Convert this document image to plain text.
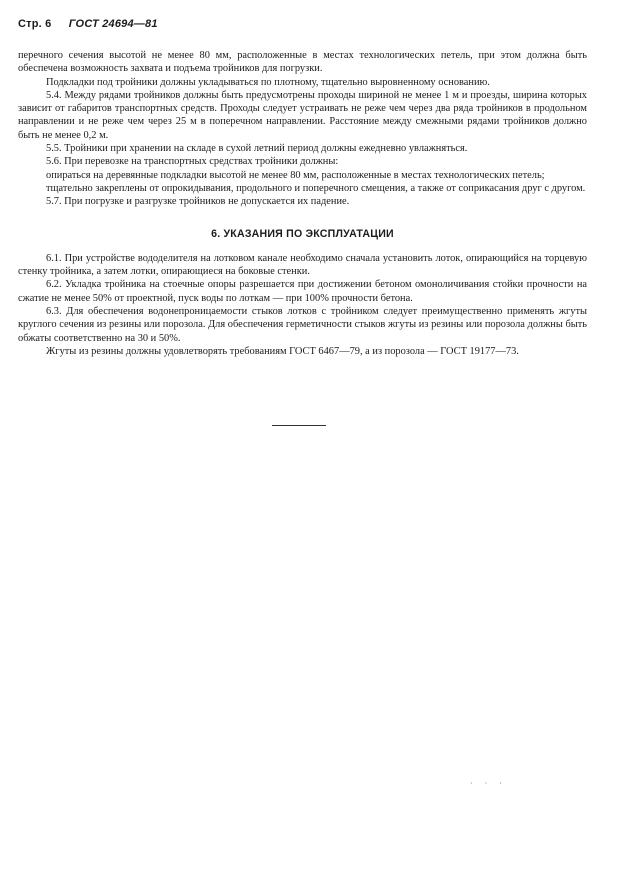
Стр. 6 ГОСТ 24694—81

перечного сечения высотой не менее 80 мм, расположенные в местах технологических петель, при этом должна быть обеспечена возможность захвата и подъема тройников для погрузки.

Подкладки под тройники должны укладываться по плотному, тщательно выровненному основанию.

5.4. Между рядами тройников должны быть предусмотрены проходы шириной не менее 1 м и проезды, ширина которых зависит от габаритов транспортных средств. Проходы следует устраивать не реже чем через два ряда тройников в продольном направлении и не реже чем через 25 м в поперечном направлении. Расстояние между смежными рядами тройников должно быть не менее 0,2 м.

5.5. Тройники при хранении на складе в сухой летний период должны ежедневно увлажняться.

5.6. При перевозке на транспортных средствах тройники должны:

опираться на деревянные подкладки высотой не менее 80 мм, расположенные в местах технологических петель;

тщательно закреплены от опрокидывания, продольного и поперечного смещения, а также от соприкасания друг с другом.

5.7. При погрузке и разгрузке тройников не допускается их падение.

6. УКАЗАНИЯ ПО ЭКСПЛУАТАЦИИ

6.1. При устройстве вододелителя на лотковом канале необходимо сначала установить лоток, опирающийся на торцевую стенку тройника, а затем лотки, опирающиеся на боковые стенки.

6.2. Укладка тройника на стоечные опоры разрешается при достижении бетоном омоноличивания стойки прочности на сжатие не менее 50% от проектной, пуск воды по лоткам — при 100% прочности бетона.

6.3. Для обеспечения водонепроницаемости стыков лотков с тройником следует преимущественно применять жгуты круглого сечения из резины или порозола. Для обеспечения герметичности стыков жгуты из резины или порозола должны быть обжаты соответственно на 30 и 50%.

Жгуты из резины должны удовлетворять требованиям ГОСТ 6467—79, а из порозола — ГОСТ 19177—73.

· · ·
